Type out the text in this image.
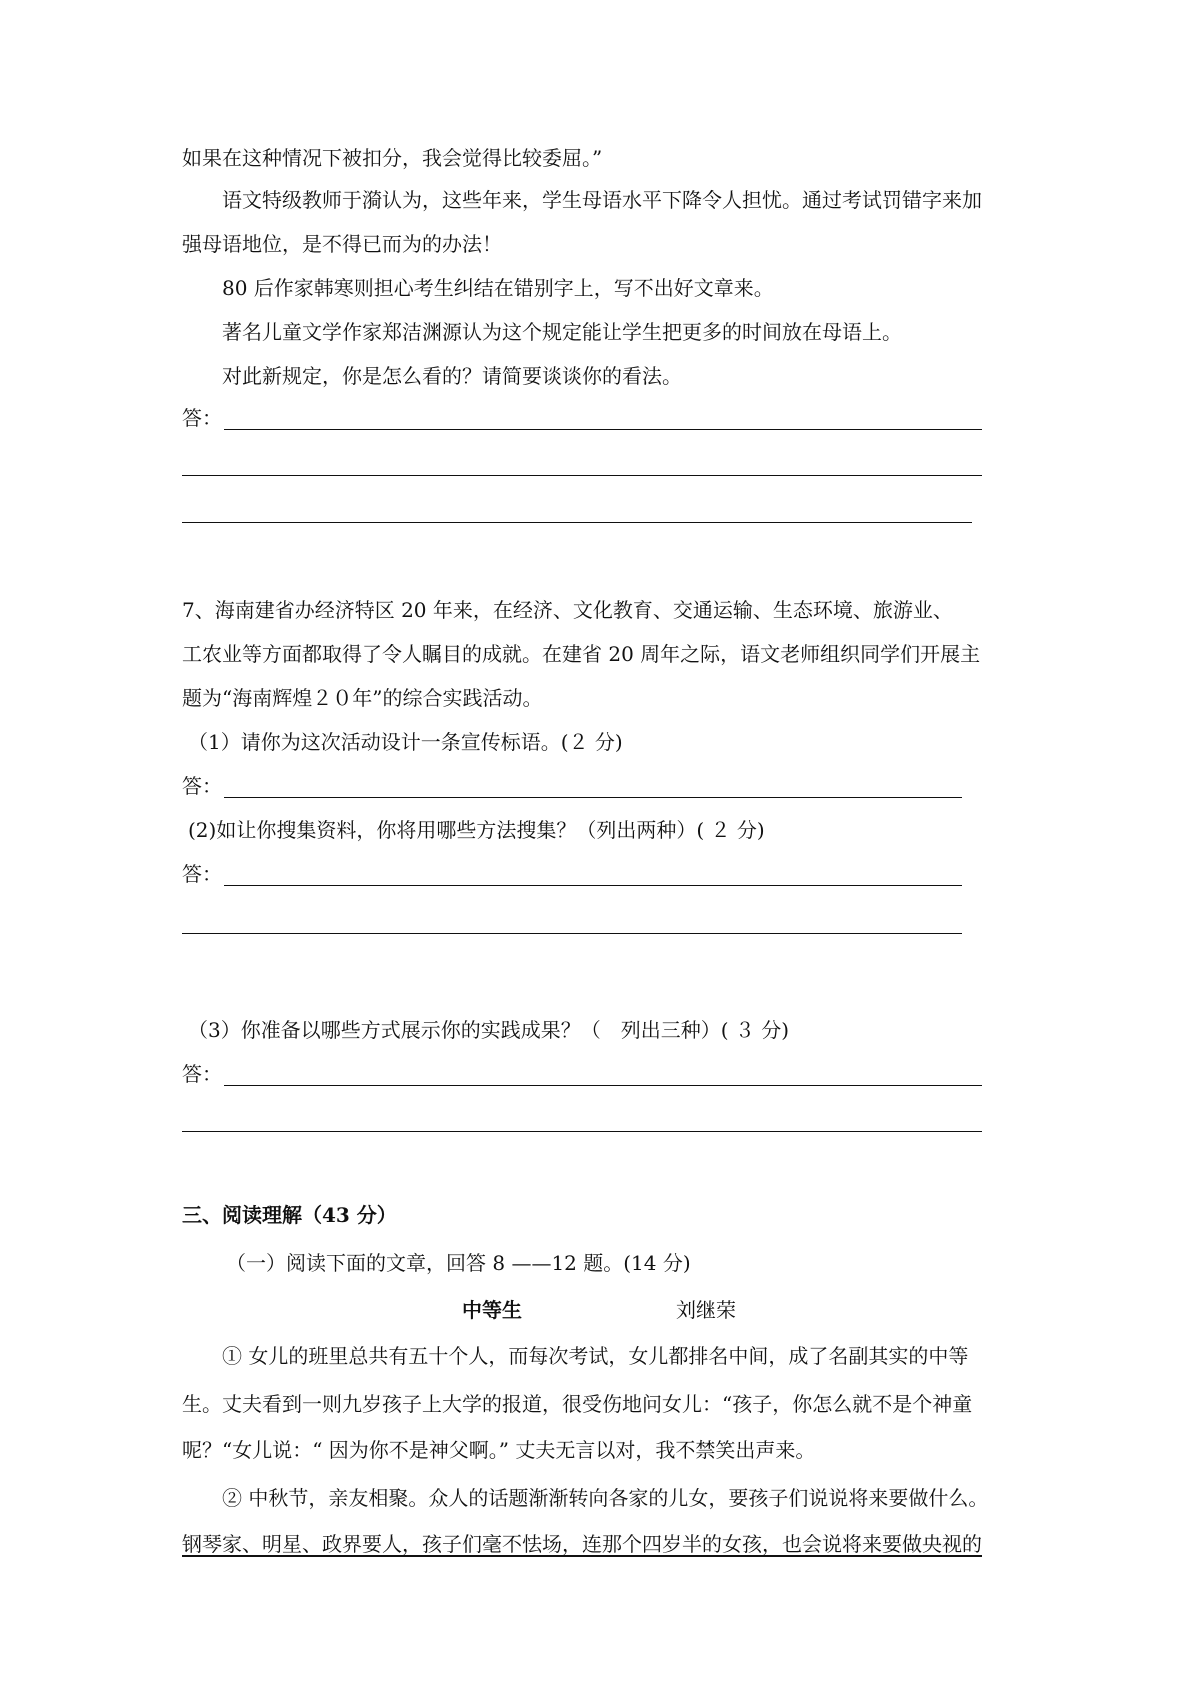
如果在这种情况下被扣分，我会觉得比较委屈。”
语文特级教师于漪认为，这些年来，学生母语水平下降令人担忧。通过考试罚错字来加
强母语地位，是不得已而为的办法！
80 后作家韩寒则担心考生纠结在错别字上，写不出好文章来。
著名儿童文学作家郑洁渊源认为这个规定能让学生把更多的时间放在母语上。
对此新规定，你是怎么看的？请简要谈谈你的看法。
答：
7、海南建省办经济特区 20 年来，在经济、文化教育、交通运输、生态环境、旅游业、
工农业等方面都取得了令人瞩目的成就。在建省 20 周年之际，语文老师组织同学们开展主
题为“海南辉煌２０年”的综合实践活动。
（1）请你为这次活动设计一条宣传标语。(２ 分)
答：
(2)如让你搜集资料，你将用哪些方法搜集？（列出两种）( ２ 分)
答：
（3）你准备以哪些方式展示你的实践成果？（　列出三种）( ３ 分)
答：
三、阅读理解（43 分）
（一）阅读下面的文章，回答 8 ——12 题。(14 分)
中等生	刘继荣
① 女儿的班里总共有五十个人，而每次考试，女儿都排名中间，成了名副其实的中等
生。丈夫看到一则九岁孩子上大学的报道，很受伤地问女儿：“孩子，你怎么就不是个神童
呢？“女儿说：“ 因为你不是神父啊。” 丈夫无言以对，我不禁笑出声来。
② 中秋节，亲友相聚。众人的话题渐渐转向各家的儿女，要孩子们说说将来要做什么。
钢琴家、明星、政界要人，孩子们毫不怯场，连那个四岁半的女孩，也会说将来要做央视的
